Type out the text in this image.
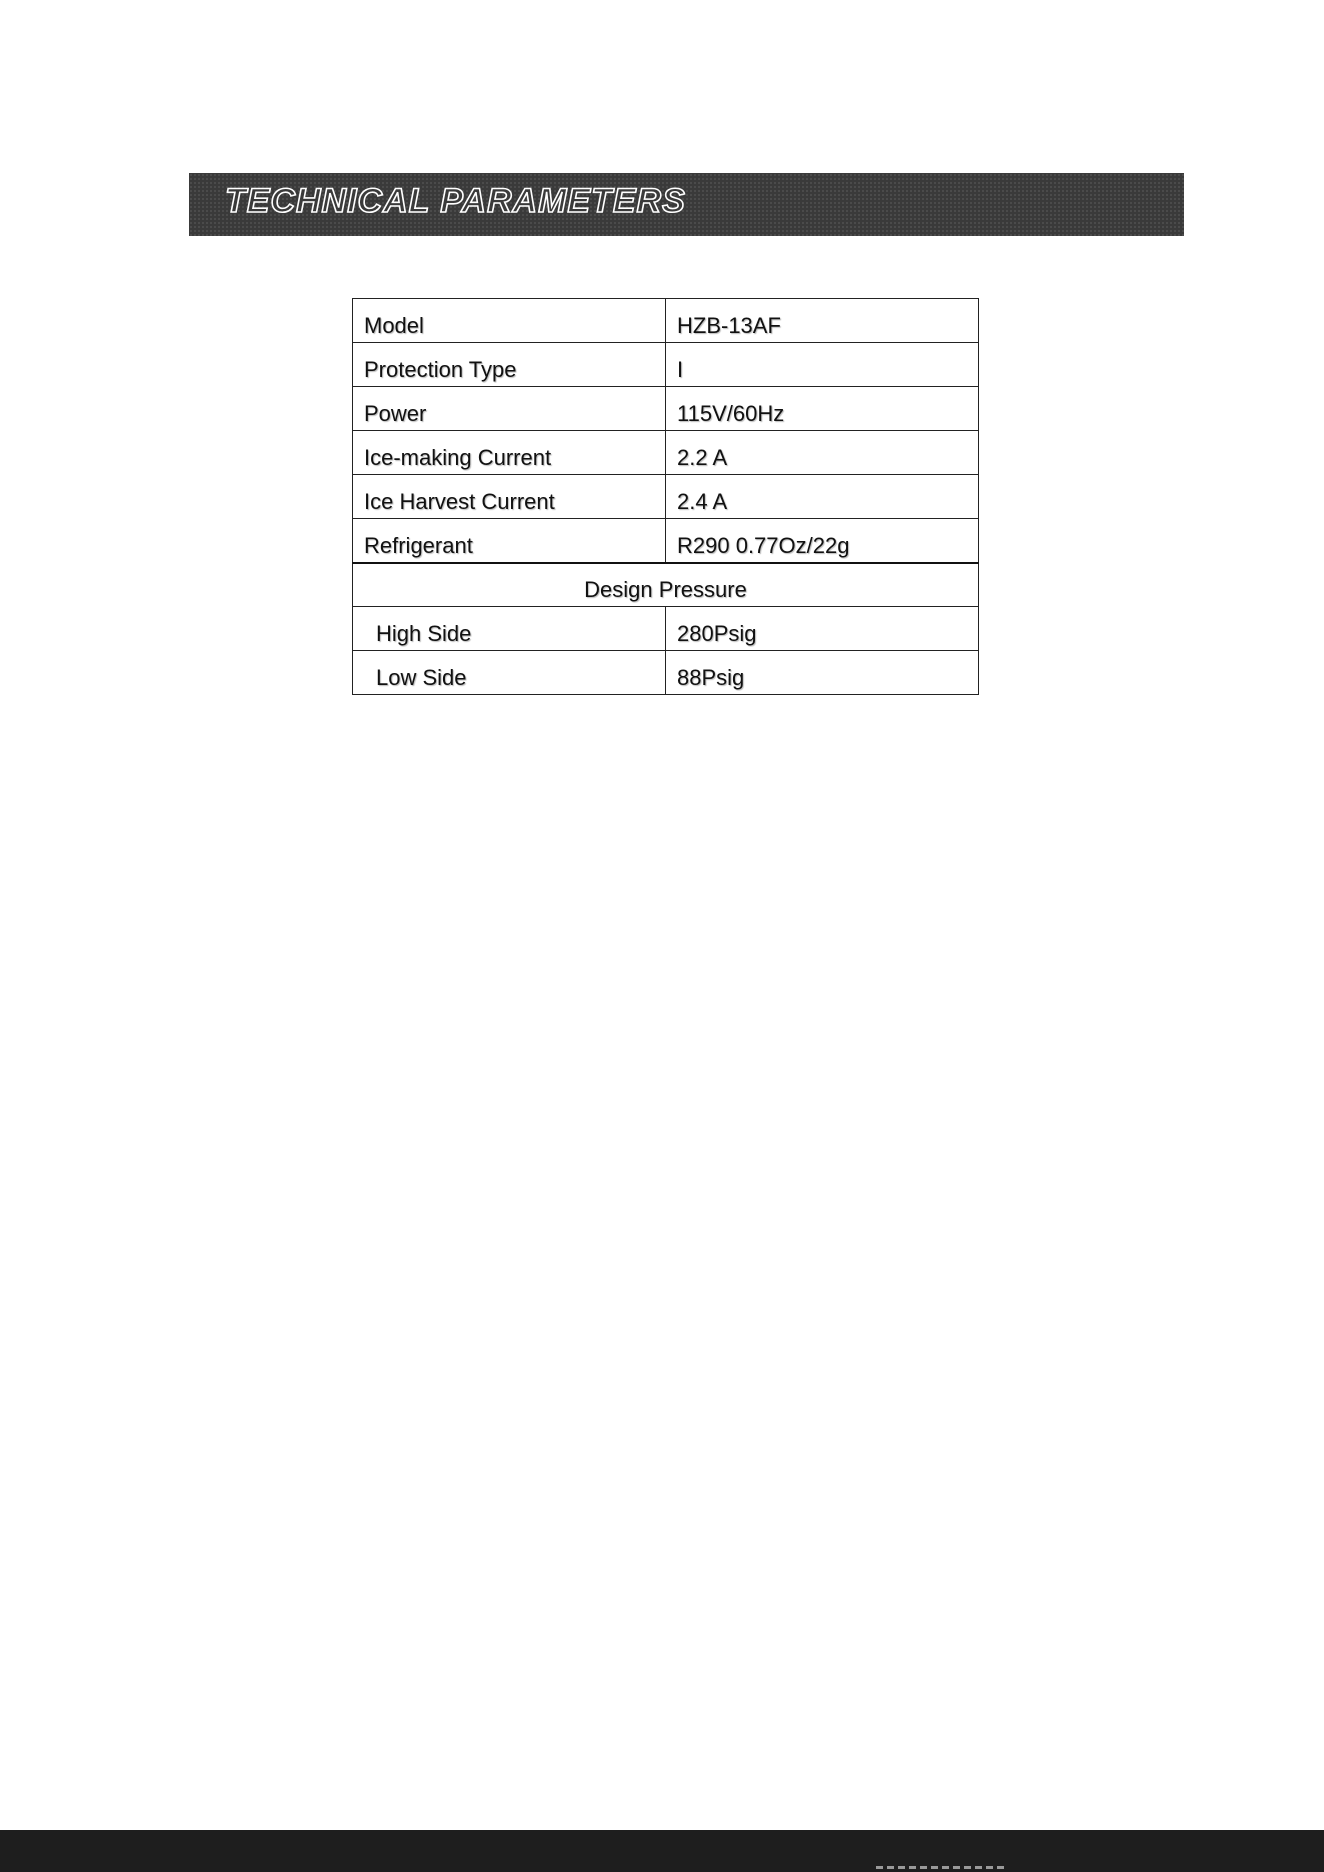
TECHNICAL PARAMETERS
Model	HZB-13AF
Protection Type	I
Power	115V/60Hz
Ice-making Current	2.2 A
Ice Harvest Current	2.4 A
Refrigerant	R290 0.77Oz/22g
Design Pressure	
High Side	280Psig
Low Side	88Psig
